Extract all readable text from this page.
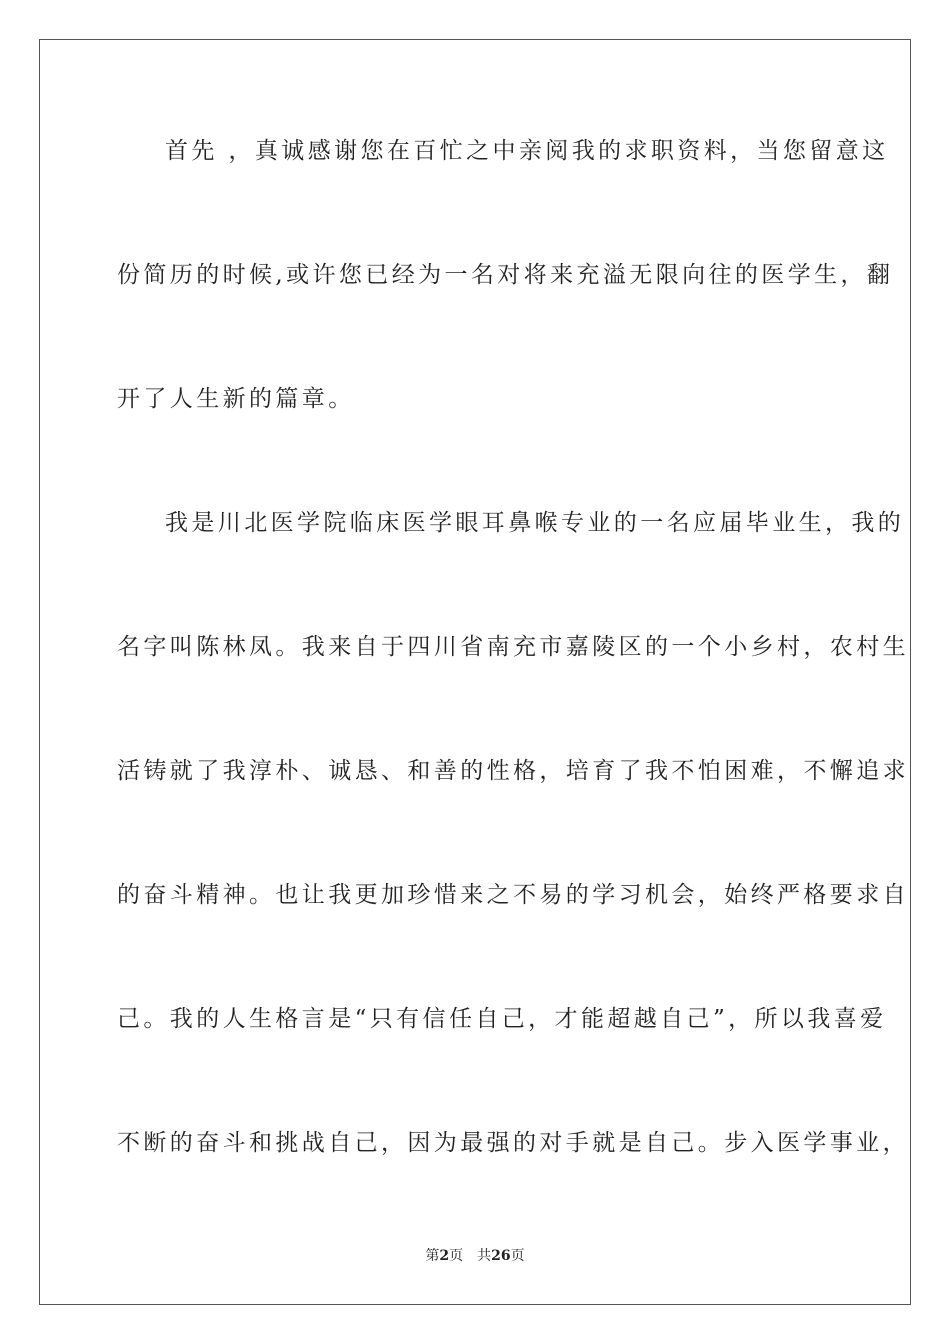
首先 ，真诚感谢您在百忙之中亲阅我的求职资料，当您留意这
份简历的时候,或许您已经为一名对将来充溢无限向往的医学生，翻
开了人生新的篇章。
我是川北医学院临床医学眼耳鼻喉专业的一名应届毕业生，我的
名字叫陈林凤。我来自于四川省南充市嘉陵区的一个小乡村，农村生
活铸就了我淳朴、诚恳、和善的性格，培育了我不怕困难，不懈追求
的奋斗精神。也让我更加珍惜来之不易的学习机会，始终严格要求自
己。我的人生格言是“只有信任自己，才能超越自己”，所以我喜爱
不断的奋斗和挑战自己，因为最强的对手就是自己。步入医学事业，
第2页 共26页
